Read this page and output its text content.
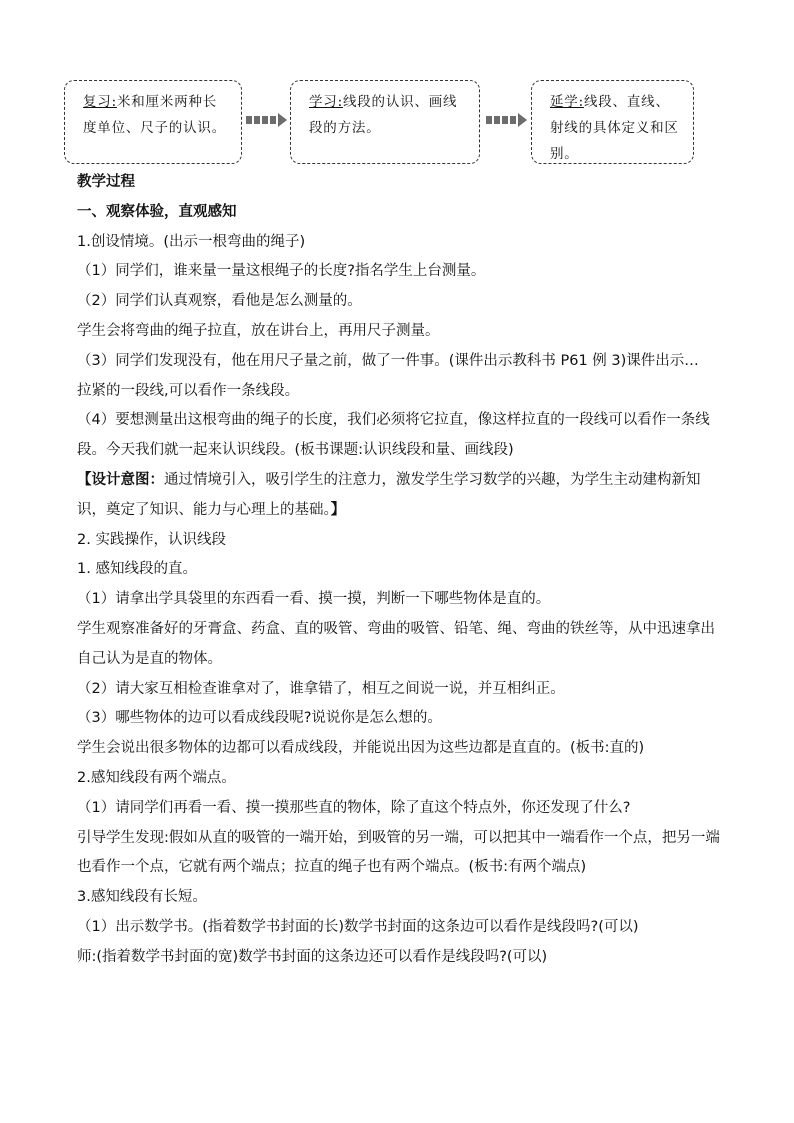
复习:米和厘米两种长度单位、尺子的认识。
学习:线段的认识、画线段的方法。
延学:线段、直线、射线的具体定义和区别。

教学过程

一、观察体验，直观感知

1.创设情境。(出示一根弯曲的绳子)

（1）同学们，谁来量一量这根绳子的长度?指名学生上台测量。

（2）同学们认真观察，看他是怎么测量的。

学生会将弯曲的绳子拉直，放在讲台上，再用尺子测量。

（3）同学们发现没有，他在用尺子量之前，做了一件事。(课件出示教科书 P61 例 3)课件出示…

拉紧的一段线,可以看作一条线段。

（4）要想测量出这根弯曲的绳子的长度，我们必须将它拉直，像这样拉直的一段线可以看作一条线段。今天我们就一起来认识线段。(板书课题:认识线段和量、画线段)

【设计意图：通过情境引入，吸引学生的注意力，激发学生学习数学的兴趣，为学生主动建构新知识，奠定了知识、能力与心理上的基础。】

2. 实践操作，认识线段

1. 感知线段的直。

（1）请拿出学具袋里的东西看一看、摸一摸，判断一下哪些物体是直的。

学生观察准备好的牙膏盒、药盒、直的吸管、弯曲的吸管、铅笔、绳、弯曲的铁丝等，从中迅速拿出自己认为是直的物体。

（2）请大家互相检查谁拿对了，谁拿错了，相互之间说一说，并互相纠正。

（3）哪些物体的边可以看成线段呢?说说你是怎么想的。

学生会说出很多物体的边都可以看成线段，并能说出因为这些边都是直直的。(板书:直的)

2.感知线段有两个端点。

（1）请同学们再看一看、摸一摸那些直的物体，除了直这个特点外，你还发现了什么?

引导学生发现:假如从直的吸管的一端开始，到吸管的另一端，可以把其中一端看作一个点，把另一端也看作一个点，它就有两个端点；拉直的绳子也有两个端点。(板书:有两个端点)

3.感知线段有长短。

（1）出示数学书。(指着数学书封面的长)数学书封面的这条边可以看作是线段吗?(可以)

师:(指着数学书封面的宽)数学书封面的这条边还可以看作是线段吗?(可以)
